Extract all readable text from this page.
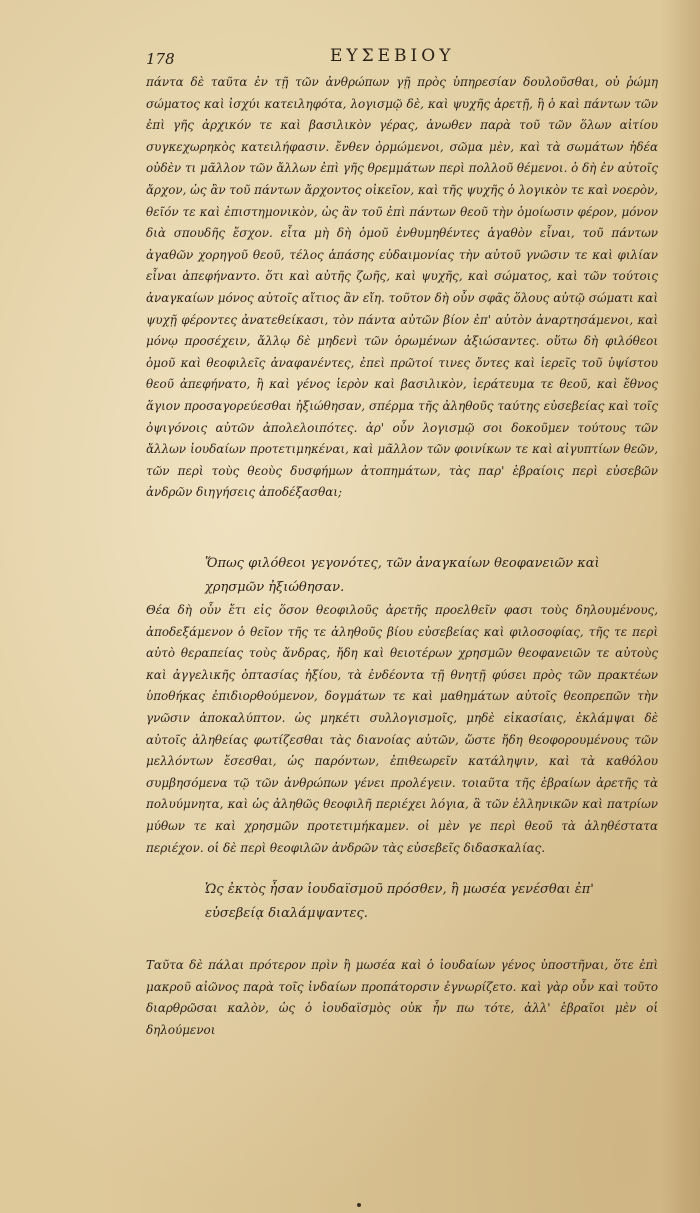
178	ΕΥΣΕΒΙΟΥ

πάντα δὲ ταῦτα ἐν τῇ τῶν ἀνθρώπων γῇ πρὸς ὑπηρεσίαν δουλοῦσθαι, οὐ ῥώμη σώματος καὶ ἰσχύι κατειληφότα, λογισμῷ δὲ, καὶ ψυχῆς ἀρετῇ, ἣ ὁ καὶ πάντων τῶν ἐπὶ γῆς ἀρχικόν τε καὶ βασιλικὸν γέρας, ἀνωθεν παρὰ τοῦ τῶν ὅλων αἰτίου συγκεχωρηκὸς κατειλήφασιν. ἔνθεν ὁρμώμενοι, σῶμα μὲν, καὶ τὰ σωμάτων ἡδέα οὐδὲν τι μᾶλλον τῶν ἄλλων ἐπὶ γῆς θρεμμάτων περὶ πολλοῦ θέμενοι. ὁ δὴ ἐν αὐτοῖς ἄρχον, ὡς ἂν τοῦ πάντων ἄρχοντος οἰκεῖον, καὶ τῆς ψυχῆς ὁ λογικὸν τε καὶ νοερὸν, θεῖόν τε καὶ ἐπιστημονικὸν, ὡς ἂν τοῦ ἐπὶ πάντων θεοῦ τὴν ὁμοίωσιν φέρον, μόνον διὰ σπουδῆς ἔσχον. εἶτα μὴ δὴ ὁμοῦ ἐνθυμηθέντες ἀγαθὸν εἶναι, τοῦ πάντων ἀγαθῶν χορηγοῦ θεοῦ, τέλος ἁπάσης εὐδαιμονίας τὴν αὐτοῦ γνῶσιν τε καὶ φιλίαν εἶναι ἀπεφήναντο. ὅτι καὶ αὐτῆς ζωῆς, καὶ ψυχῆς, καὶ σώματος, καὶ τῶν τούτοις ἀναγκαίων μόνος αὐτοῖς αἴτιος ἂν εἴη. τοῦτον δὴ οὖν σφᾶς ὅλους αὐτῷ σώματι καὶ ψυχῇ φέροντες ἀνατεθείκασι, τὸν πάντα αὐτῶν βίον ἐπ' αὐτὸν ἀναρτησάμενοι, καὶ μόνῳ προσέχειν, ἄλλῳ δὲ μηδενὶ τῶν ὁρωμένων ἀξιώσαντες. οὕτω δὴ φιλόθεοι ὁμοῦ καὶ θεοφιλεῖς ἀναφανέντες, ἐπεὶ πρῶτοί τινες ὄντες καὶ ἱερεῖς τοῦ ὑψίστου θεοῦ ἀπεφήνατο, ἢ καὶ γένος ἱερὸν καὶ βασιλικὸν, ἱεράτευμα τε θεοῦ, καὶ ἔθνος ἅγιον προσαγορεύεσθαι ἠξιώθησαν, σπέρμα τῆς ἀληθοῦς ταύτης εὐσεβείας καὶ τοῖς ὀψιγόνοις αὐτῶν ἀπολελοιπότες. ἀρ' οὖν λογισμῷ σοι δοκοῦμεν τούτους τῶν ἄλλων ἰουδαίων προτετιμηκέναι, καὶ μᾶλλον τῶν φοινίκων τε καὶ αἰγυπτίων θεῶν, τῶν περὶ τοὺς θεοὺς δυσφήμων ἀτοπημάτων, τὰς παρ' ἑβραίοις περὶ εὐσεβῶν ἀνδρῶν διηγήσεις ἀποδέξασθαι;

Ὅπως φιλόθεοι γεγονότες, τῶν ἀναγκαίων θεοφανειῶν καὶ χρησμῶν ἠξιώθησαν.

Θέα δὴ οὖν ἔτι εἰς ὅσον θεοφιλοῦς ἀρετῆς προελθεῖν φασι τοὺς δηλουμένους, ἀποδεξάμενον ὁ θεῖον τῆς τε ἀληθοῦς βίου εὐσεβείας καὶ φιλοσοφίας, τῆς τε περὶ αὐτὸ θεραπείας τοὺς ἄνδρας, ἤδη καὶ θειοτέρων χρησμῶν θεοφανειῶν τε αὐτοὺς καὶ ἀγγελικῆς ὀπτασίας ἠξίου, τὰ ἐνδέοντα τῇ θνητῇ φύσει πρὸς τῶν πρακτέων ὑποθήκας ἐπιδιορθούμενον, δογμάτων τε καὶ μαθημάτων αὐτοῖς θεοπρεπῶν τὴν γνῶσιν ἀποκαλύπτον. ὡς μηκέτι συλλογισμοῖς, μηδὲ εἰκασίαις, ἐκλάμψαι δὲ αὐτοῖς ἀληθείας φωτίζεσθαι τὰς διανοίας αὐτῶν, ὥστε ἤδη θεοφορουμένους τῶν μελλόντων ἔσεσθαι, ὡς παρόντων, ἐπιθεωρεῖν κατάληψιν, καὶ τὰ καθόλου συμβησόμενα τῷ τῶν ἀνθρώπων γένει προλέγειν. τοιαῦτα τῆς ἑβραίων ἀρετῆς τὰ πολυύμνητα, καὶ ὡς ἀληθῶς θεοφιλῆ περιέχει λόγια, ἃ τῶν ἑλληνικῶν καὶ πατρίων μύθων τε καὶ χρησμῶν προτετιμήκαμεν. οἱ μὲν γε περὶ θεοῦ τὰ ἀληθέστατα περιέχον. οἱ δὲ περὶ θεοφιλῶν ἀνδρῶν τὰς εὐσεβεῖς διδασκαλίας.

Ὡς ἐκτὸς ἦσαν ἰουδαϊσμοῦ πρόσθεν, ἢ μωσέα γενέσθαι ἐπ' εὐσεβείᾳ διαλάμψαντες.

Ταῦτα δὲ πάλαι πρότερον πρὶν ἢ μωσέα καὶ ὁ ἰουδαίων γένος ὑποστῆναι, ὅτε ἐπὶ μακροῦ αἰῶνος παρὰ τοῖς ἰνδαίων προπάτορσιν ἐγνωρίζετο. καὶ γὰρ οὖν καὶ τοῦτο διαρθρῶσαι καλὸν, ὡς ὁ ἰουδαϊσμὸς οὐκ ἦν πω τότε, ἀλλ' ἑβραῖοι μὲν οἱ δηλούμενοι
